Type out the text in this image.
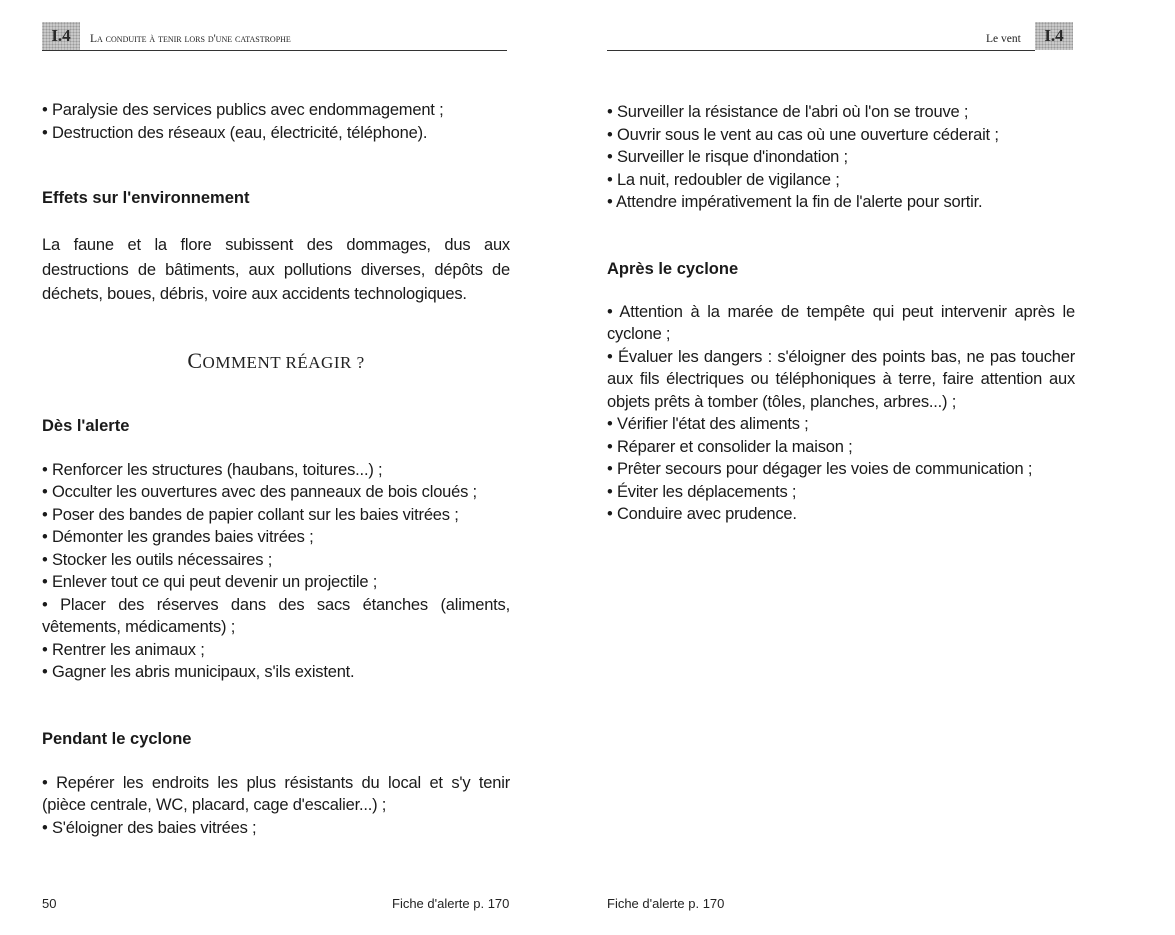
I.4	La conduite à tenir lors d'une catastrophe

• Paralysie des services publics avec endommagement ;

• Destruction des réseaux (eau, électricité, téléphone).

Effets sur l'environnement

La faune et la flore subissent des dommages, dus aux destructions de bâtiments, aux pollutions diverses, dépôts de déchets, boues, débris, voire aux accidents technologiques.

COMMENT RÉAGIR ?

Dès l'alerte

• Renforcer les structures (haubans, toitures...) ;

• Occulter les ouvertures avec des panneaux de bois cloués ;

• Poser des bandes de papier collant sur les baies vitrées ;

• Démonter les grandes baies vitrées ;

• Stocker les outils nécessaires ;

• Enlever tout ce qui peut devenir un projectile ;

• Placer des réserves dans des sacs étanches (aliments, vêtements, médicaments) ;

• Rentrer les animaux ;

• Gagner les abris municipaux, s'ils existent.

Pendant le cyclone

• Repérer les endroits les plus résistants du local et s'y tenir (pièce centrale, WC, placard, cage d'escalier...) ;

• S'éloigner des baies vitrées ;

50	Fiche d'alerte p. 170
Le vent	I.4

• Surveiller la résistance de l'abri où l'on se trouve ;

• Ouvrir sous le vent au cas où une ouverture céderait ;

• Surveiller le risque d'inondation ;

• La nuit, redoubler de vigilance ;

• Attendre impérativement la fin de l'alerte pour sortir.

Après le cyclone

• Attention à la marée de tempête qui peut intervenir après le cyclone ;

• Évaluer les dangers : s'éloigner des points bas, ne pas toucher aux fils électriques ou téléphoniques à terre, faire attention aux objets prêts à tomber (tôles, planches, arbres...) ;

• Vérifier l'état des aliments ;

• Réparer et consolider la maison ;

• Prêter secours pour dégager les voies de communication ;

• Éviter les déplacements ;

• Conduire avec prudence.

Fiche d'alerte p. 170
